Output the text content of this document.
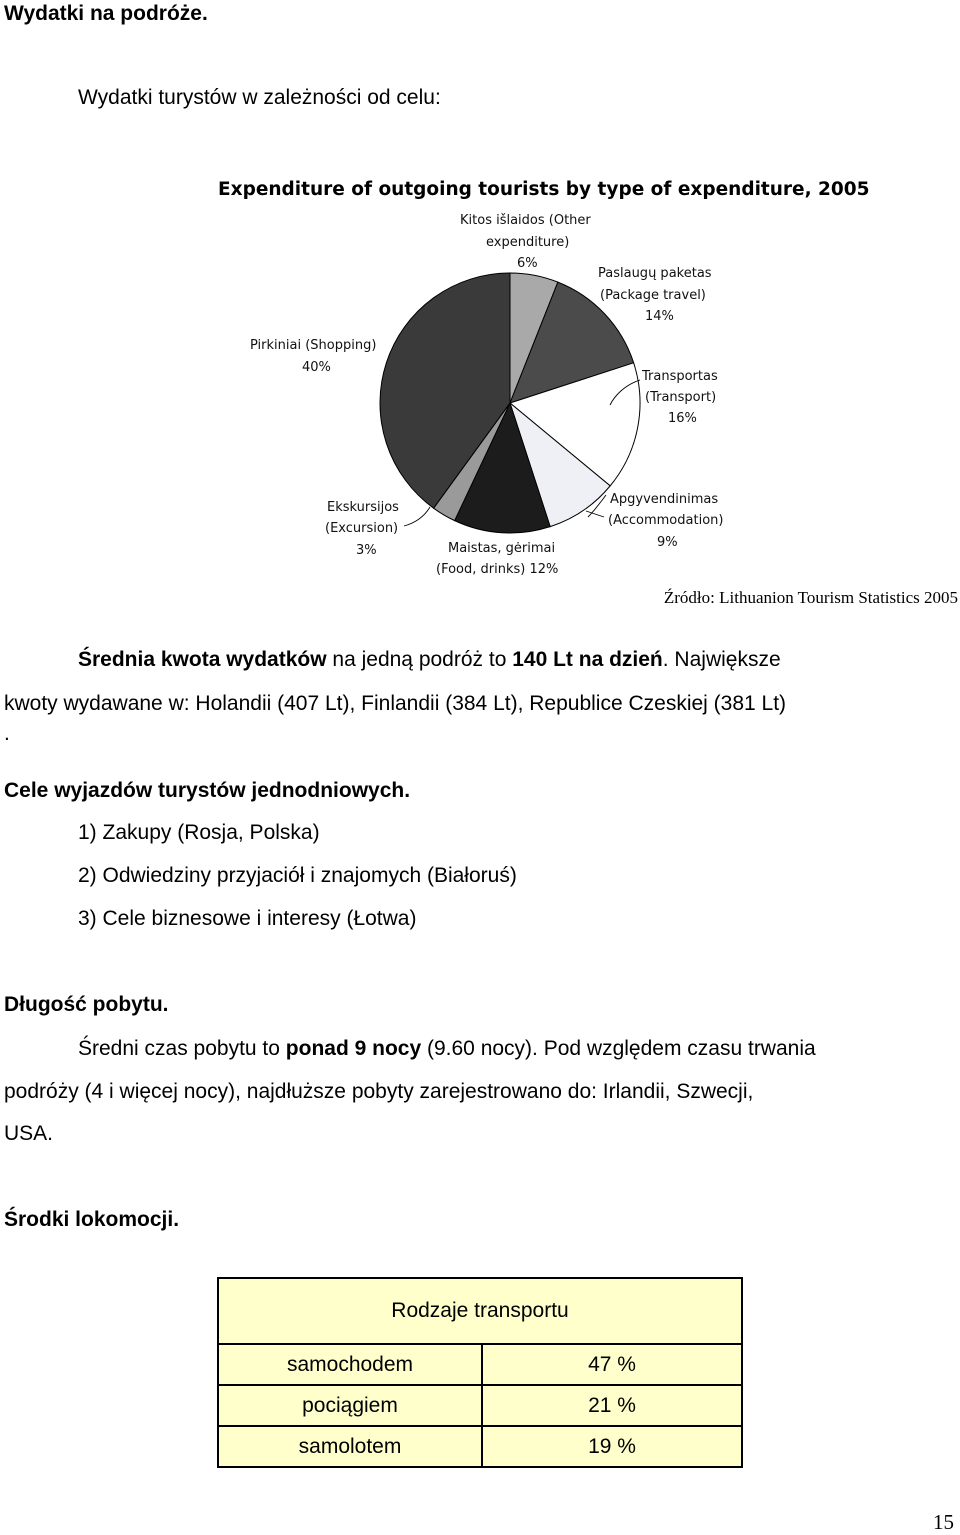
Wydatki na podróże.
Wydatki turystów w zależności od celu:
Expenditure of outgoing tourists by type of expenditure, 2005
Kitos išlaidos (Other
expenditure)
6%
Paslaugų paketas
(Package travel)
14%
Transportas
(Transport)
16%
Apgyvendinimas
(Accommodation)
9%
Maistas, gėrimai
(Food, drinks) 12%
Ekskursijos
(Excursion)
3%
Pirkiniai (Shopping)
40%
Źródło: Lithuanion Tourism Statistics 2005
Średnia kwota wydatków na jedną podróż to 140 Lt na dzień. Największe
kwoty wydawane w: Holandii (407 Lt), Finlandii (384 Lt), Republice Czeskiej (381 Lt)
.
Cele wyjazdów turystów jednodniowych.
1) Zakupy (Rosja, Polska)
2) Odwiedziny przyjaciół i znajomych (Białoruś)
3) Cele biznesowe i interesy (Łotwa)
Długość pobytu.
Średni czas pobytu to ponad 9 nocy (9.60 nocy). Pod względem czasu trwania
podróży (4 i więcej nocy), najdłuższe pobyty zarejestrowano do: Irlandii, Szwecji,
USA.
Środki lokomocji.
Rodzaje transportu	
samochodem	47 %
pociągiem	21 %
samolotem	19 %
15
